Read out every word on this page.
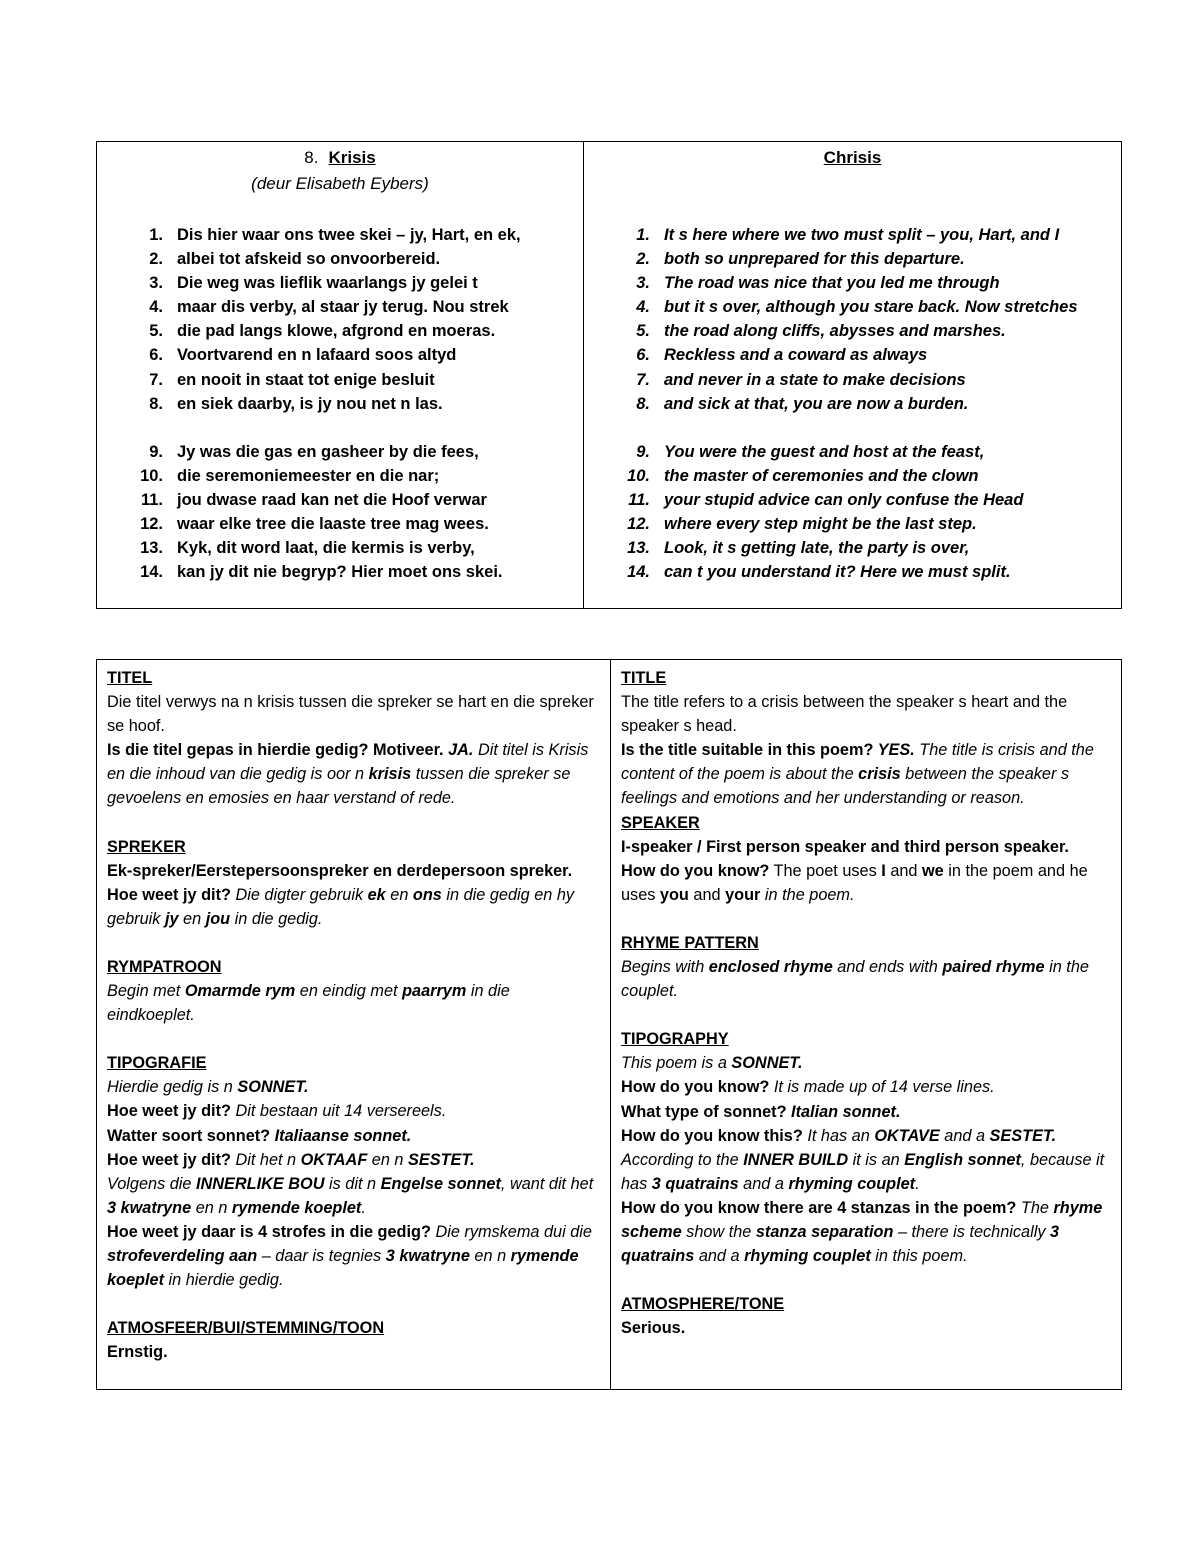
8. Krisis
(deur Elisabeth Eybers)
1. Dis hier waar ons twee skei – jy, Hart, en ek,
2. albei tot afskeid so onvoorbereid.
3. Die weg was lieflik waarlangs jy gelei t
4. maar dis verby, al staar jy terug. Nou strek
5. die pad langs klowe, afgrond en moeras.
6. Voortvarend en n lafaard soos altyd
7. en nooit in staat tot enige besluit
8. en siek daarby, is jy nou net n las.
9. Jy was die gas en gasheer by die fees,
10. die seremoniemeester en die nar;
11. jou dwase raad kan net die Hoof verwar
12. waar elke tree die laaste tree mag wees.
13. Kyk, dit word laat, die kermis is verby,
14. kan jy dit nie begryp? Hier moet ons skei.
Chrisis
1. It s here where we two must split – you, Hart, and I
2. both so unprepared for this departure.
3. The road was nice that you led me through
4. but it s over, although you stare back. Now stretches
5. the road along cliffs, abysses and marshes.
6. Reckless and a coward as always
7. and never in a state to make decisions
8. and sick at that, you are now a burden.
9. You were the guest and host at the feast,
10. the master of ceremonies and the clown
11. your stupid advice can only confuse the Head
12. where every step might be the last step.
13. Look, it s getting late, the party is over,
14. can t you understand it? Here we must split.

TITEL

Die titel verwys na n krisis tussen die spreker se hart en die spreker se hoof.

Is die titel gepas in hierdie gedig? Motiveer. JA. Dit titel is Krisis en die inhoud van die gedig is oor n krisis tussen die spreker se gevoelens en emosies en haar verstand of rede.

SPREKER

Ek-spreker/Eerstepersoonspreker en derdepersoon spreker.

Hoe weet jy dit? Die digter gebruik ek en ons in die gedig en hy gebruik jy en jou in die gedig.

RYMPATROON

Begin met Omarmde rym en eindig met paarrym in die eindkoeplet.

TIPOGRAFIE

Hierdie gedig is n SONNET.

Hoe weet jy dit? Dit bestaan uit 14 versereels.

Watter soort sonnet? Italiaanse sonnet.

Hoe weet jy dit? Dit het n OKTAAF en n SESTET.

Volgens die INNERLIKE BOU is dit n Engelse sonnet, want dit het 3 kwatryne en n rymende koeplet.

Hoe weet jy daar is 4 strofes in die gedig? Die rymskema dui die strofeverdeling aan – daar is tegnies 3 kwatryne en n rymende koeplet in hierdie gedig.

ATMOSFEER/BUI/STEMMING/TOON

Ernstig.

TITLE

The title refers to a crisis between the speaker s heart and the speaker s head.

Is the title suitable in this poem? YES. The title is crisis and the content of the poem is about the crisis between the speaker s feelings and emotions and her understanding or reason.

SPEAKER

I-speaker / First person speaker and third person speaker.

How do you know? The poet uses I and we in the poem and he uses you and your in the poem.

RHYME PATTERN

Begins with enclosed rhyme and ends with paired rhyme in the couplet.

TIPOGRAPHY

This poem is a SONNET.

How do you know? It is made up of 14 verse lines.

What type of sonnet? Italian sonnet.

How do you know this? It has an OKTAVE and a SESTET.

According to the INNER BUILD it is an English sonnet, because it has 3 quatrains and a rhyming couplet.

How do you know there are 4 stanzas in the poem? The rhyme scheme show the stanza separation – there is technically 3 quatrains and a rhyming couplet in this poem.

ATMOSPHERE/TONE

Serious.
